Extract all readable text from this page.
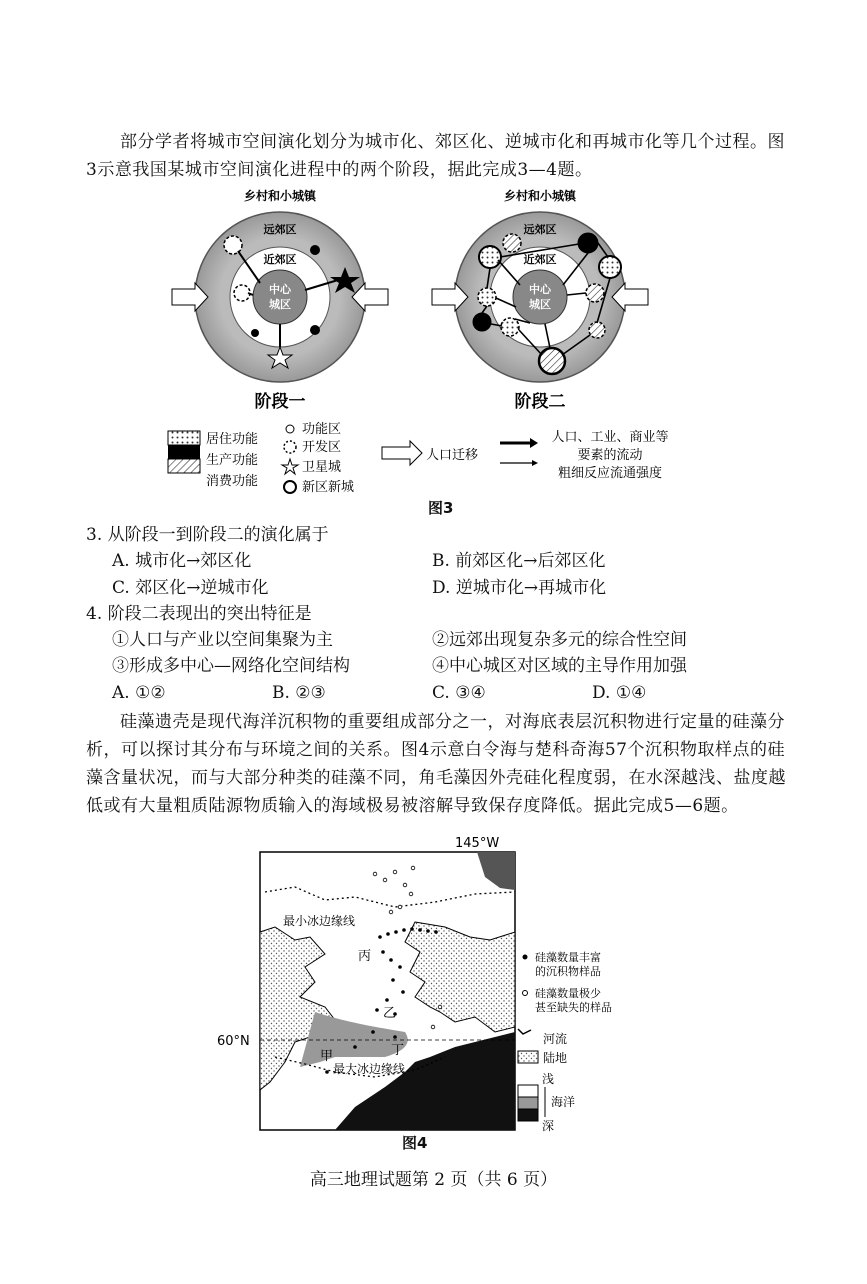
部分学者将城市空间演化划分为城市化、郊区化、逆城市化和再城市化等几个过程。图3示意我国某城市空间演化进程中的两个阶段，据此完成3—4题。
乡村和小城镇
远郊区
近郊区
中心
城区
阶段一
乡村和小城镇
远郊区
近郊区
中心
城区
阶段二
居住功能
生产功能
消费功能
功能区
开发区
卫星城
新区新城
人口迁移
人口、工业、商业等
要素的流动
粗细反应流通强度
图3
3. 从阶段一到阶段二的演化属于
A. 城市化→郊区化	B. 前郊区化→后郊区化
C. 郊区化→逆城市化	D. 逆城市化→再城市化
4. 阶段二表现出的突出特征是
①人口与产业以空间集聚为主	②远郊出现复杂多元的综合性空间
③形成多中心—网络化空间结构	④中心城区对区域的主导作用加强
A. ①②	B. ②③	C. ③④	D. ①④
硅藻遗壳是现代海洋沉积物的重要组成部分之一，对海底表层沉积物进行定量的硅藻分析，可以探讨其分布与环境之间的关系。图4示意白令海与楚科奇海57个沉积物取样点的硅藻含量状况，而与大部分种类的硅藻不同，角毛藻因外壳硅化程度弱，在水深越浅、盐度越低或有大量粗质陆源物质输入的海域极易被溶解导致保存度降低。据此完成5—6题。
145°W
最小冰边缘线
丙
乙
甲	丁
最大冰边缘线
60°N
硅藻数量丰富
的沉积物样品
硅藻数量极少
甚至缺失的样品
河流
陆地
浅
海洋
深
图4
高三地理试题第 2 页（共 6 页）
